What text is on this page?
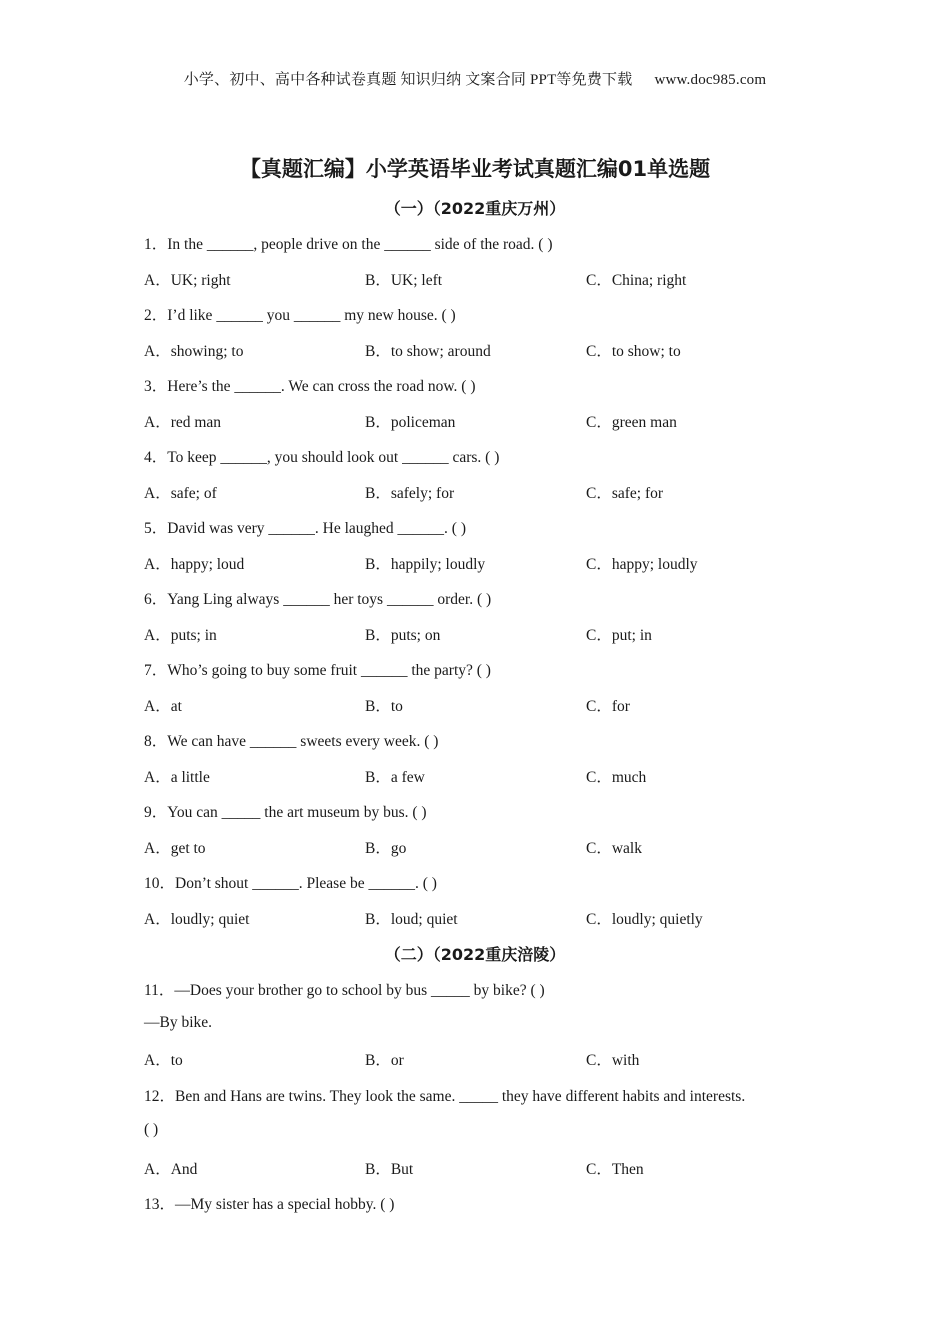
小学、初中、高中各种试卷真题 知识归纳 文案合同 PPT等免费下载 www.doc985.com
【真题汇编】小学英语毕业考试真题汇编01单选题
（一）（2022重庆万州）
1．In the ______, people drive on the ______ side of the road. ( )
A．UK; right	B．UK; left	C．China; right
2．I’d like ______ you ______ my new house. ( )
A．showing; to	B．to show; around	C．to show; to
3．Here’s the ______. We can cross the road now. ( )
A．red man	B．policeman	C．green man
4．To keep ______, you should look out ______ cars. ( )
A．safe; of	B．safely; for	C．safe; for
5．David was very ______. He laughed ______. ( )
A．happy; loud	B．happily; loudly	C．happy; loudly
6．Yang Ling always ______ her toys ______ order. ( )
A．puts; in	B．puts; on	C．put; in
7．Who’s going to buy some fruit ______ the party? ( )
A．at	B．to	C．for
8．We can have ______ sweets every week. ( )
A．a little	B．a few	C．much
9．You can _____ the art museum by bus. ( )
A．get to	B．go	C．walk
10．Don’t shout ______. Please be ______. ( )
A．loudly; quiet	B．loud; quiet	C．loudly; quietly
（二）（2022重庆涪陵）
11．—Does your brother go to school by bus _____ by bike? ( )
—By bike.
A．to	B．or	C．with
12．Ben and Hans are twins. They look the same. _____ they have different habits and interests.
( )
A．And	B．But	C．Then
13．—My sister has a special hobby. ( )
